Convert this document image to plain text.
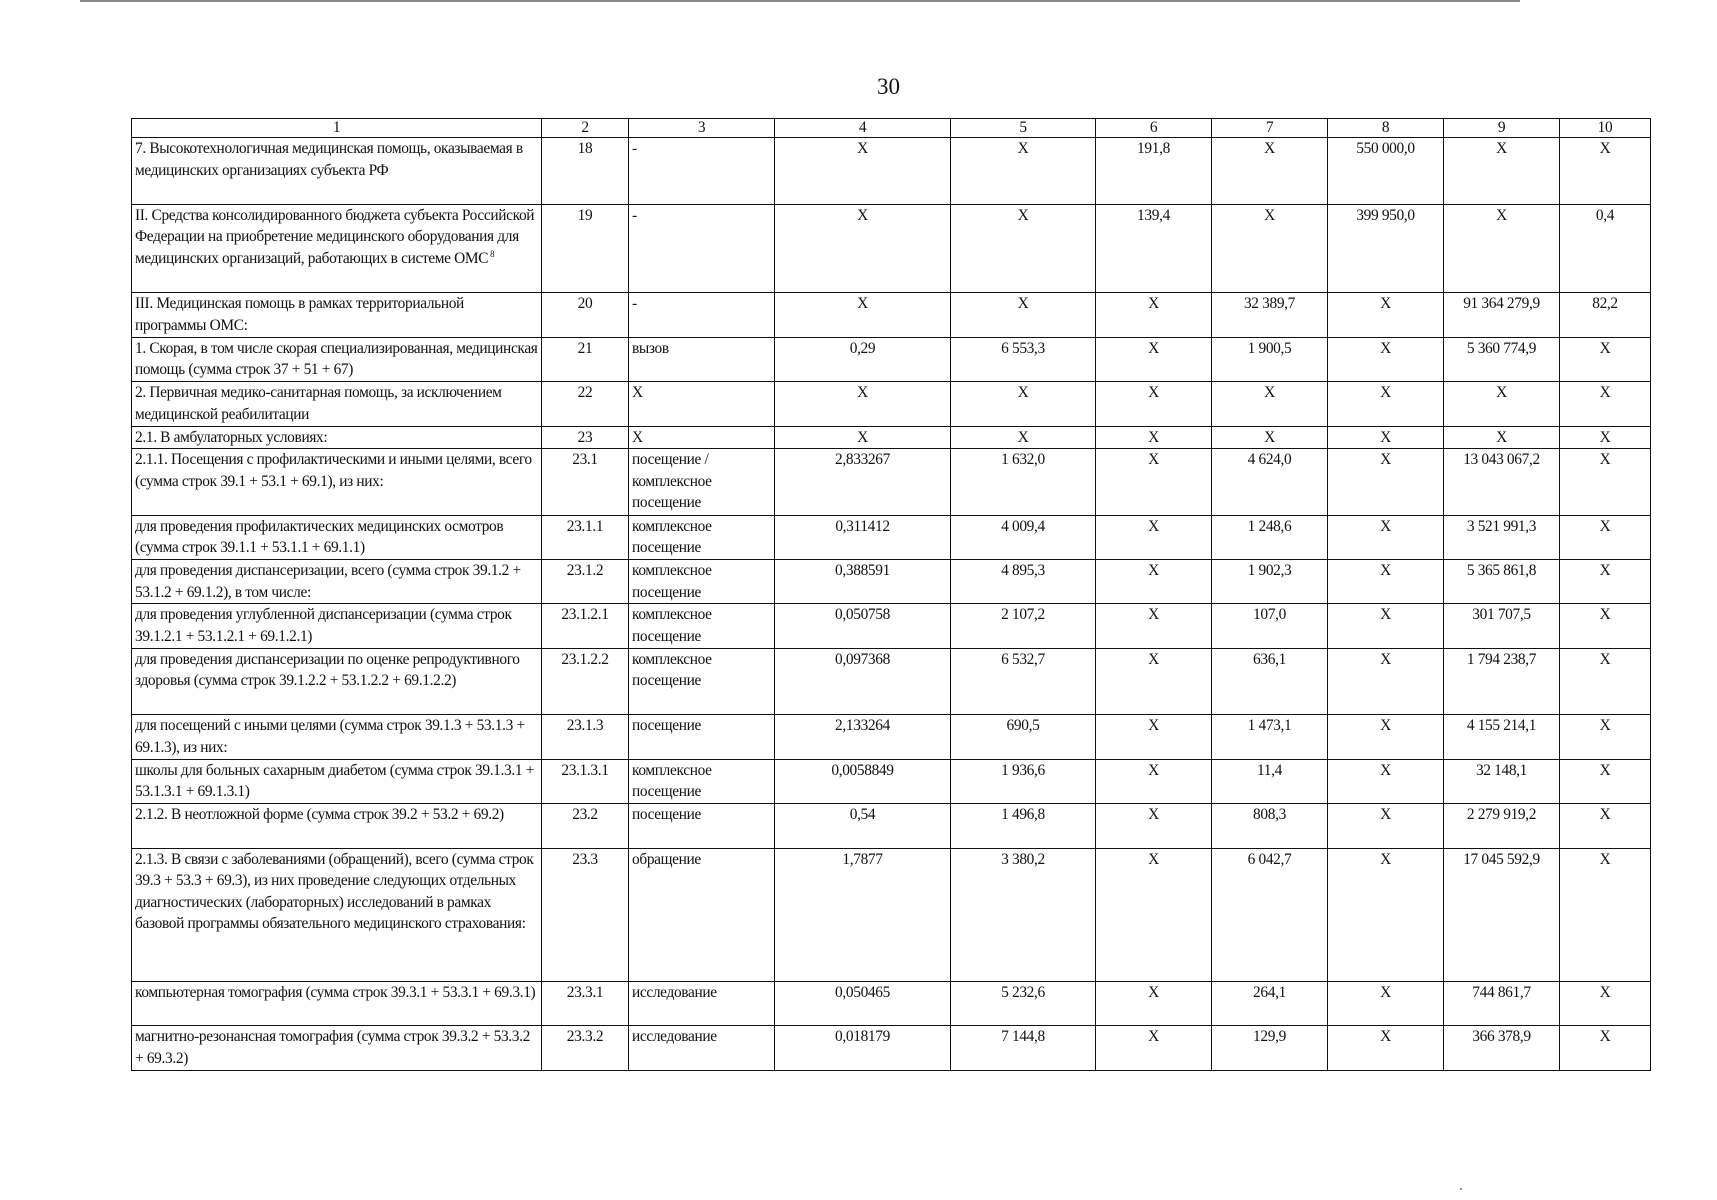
30
1	2	3	4	5	6	7	8	9	10
7. Высокотехнологичная медицинская помощь, оказываемая в медицинских организациях субъекта РФ	18	-	X	X	191,8	X	550 000,0	X	X
II. Средства консолидированного бюджета субъекта Российской Федерации на приобретение медицинского оборудования для медицинских организаций, работающих в системе ОМС $^8$	19	-	X	X	139,4	X	399 950,0	X	0,4
III. Медицинская помощь в рамках территориальной программы ОМС:	20	-	X	X	X	32 389,7	X	91 364 279,9	82,2
1. Скорая, в том числе скорая специализированная, медицинская помощь (сумма строк 37 + 51 + 67)	21	вызов	0,29	6 553,3	X	1 900,5	X	5 360 774,9	X
2. Первичная медико-санитарная помощь, за исключением медицинской реабилитации	22	X	X	X	X	X	X	X	X
2.1. В амбулаторных условиях:	23	X	X	X	X	X	X	X	X
2.1.1. Посещения с профилактическими и иными целями, всего (сумма строк 39.1 + 53.1 + 69.1), из них:	23.1	посещение / комплексное посещение	2,833267	1 632,0	X	4 624,0	X	13 043 067,2	X
для проведения профилактических медицинских осмотров (сумма строк 39.1.1 + 53.1.1 + 69.1.1)	23.1.1	комплексное посещение	0,311412	4 009,4	X	1 248,6	X	3 521 991,3	X
для проведения диспансеризации, всего (сумма строк 39.1.2 + 53.1.2 + 69.1.2), в том числе:	23.1.2	комплексное посещение	0,388591	4 895,3	X	1 902,3	X	5 365 861,8	X
для проведения углубленной диспансеризации (сумма строк 39.1.2.1 + 53.1.2.1 + 69.1.2.1)	23.1.2.1	комплексное посещение	0,050758	2 107,2	X	107,0	X	301 707,5	X
для проведения диспансеризации по оценке репродуктивного здоровья (сумма строк 39.1.2.2 + 53.1.2.2 + 69.1.2.2)	23.1.2.2	комплексное посещение	0,097368	6 532,7	X	636,1	X	1 794 238,7	X
для посещений с иными целями (сумма строк 39.1.3 + 53.1.3 + 69.1.3), из них:	23.1.3	посещение	2,133264	690,5	X	1 473,1	X	4 155 214,1	X
школы для больных сахарным диабетом (сумма строк 39.1.3.1 + 53.1.3.1 + 69.1.3.1)	23.1.3.1	комплексное посещение	0,0058849	1 936,6	X	11,4	X	32 148,1	X
2.1.2. В неотложной форме (сумма строк 39.2 + 53.2 + 69.2)	23.2	посещение	0,54	1 496,8	X	808,3	X	2 279 919,2	X
2.1.3. В связи с заболеваниями (обращений), всего (сумма строк 39.3 + 53.3 + 69.3), из них проведение следующих отдельных диагностических (лабораторных) исследований в рамках базовой программы обязательного медицинского страхования:	23.3	обращение	1,7877	3 380,2	X	6 042,7	X	17 045 592,9	X
компьютерная томография (сумма строк 39.3.1 + 53.3.1 + 69.3.1)	23.3.1	исследование	0,050465	5 232,6	X	264,1	X	744 861,7	X
магнитно-резонансная томография (сумма строк 39.3.2 + 53.3.2 + 69.3.2)	23.3.2	исследование	0,018179	7 144,8	X	129,9	X	366 378,9	X
